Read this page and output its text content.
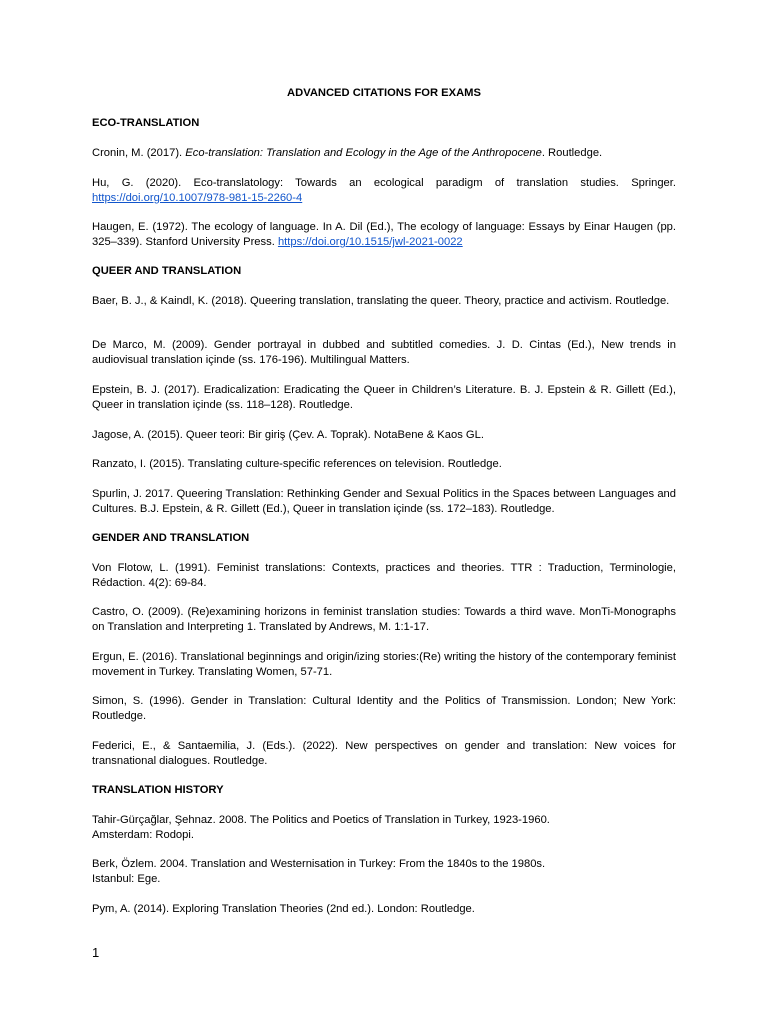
ADVANCED CITATIONS FOR EXAMS
ECO-TRANSLATION
Cronin, M. (2017). Eco-translation: Translation and Ecology in the Age of the Anthropocene. Routledge.
Hu, G. (2020). Eco-translatology: Towards an ecological paradigm of translation studies. Springer. https://doi.org/10.1007/978-981-15-2260-4
Haugen, E. (1972). The ecology of language. In A. Dil (Ed.), The ecology of language: Essays by Einar Haugen (pp. 325–339). Stanford University Press. https://doi.org/10.1515/jwl-2021-0022
QUEER AND TRANSLATION
Baer, B. J., & Kaindl, K. (2018). Queering translation, translating the queer. Theory, practice and activism. Routledge.
De Marco, M. (2009). Gender portrayal in dubbed and subtitled comedies. J. D. Cintas (Ed.), New trends in audiovisual translation içinde (ss. 176-196). Multilingual Matters.
Epstein, B. J. (2017). Eradicalization: Eradicating the Queer in Children’s Literature. B. J. Epstein & R. Gillett (Ed.), Queer in translation içinde (ss. 118–128). Routledge.
Jagose, A. (2015). Queer teori: Bir giriş (Çev. A. Toprak). NotaBene & Kaos GL.
Ranzato, I. (2015). Translating culture-specific references on television. Routledge.
Spurlin, J. 2017. Queering Translation: Rethinking Gender and Sexual Politics in the Spaces between Languages and Cultures. B.J. Epstein, & R. Gillett (Ed.), Queer in translation içinde (ss. 172–183). Routledge.
GENDER AND TRANSLATION
Von Flotow, L. (1991). Feminist translations: Contexts, practices and theories. TTR : Traduction, Terminologie, Rédaction. 4(2): 69-84.
Castro, O. (2009). (Re)examining horizons in feminist translation studies: Towards a third wave. MonTi-Monographs on Translation and Interpreting 1. Translated by Andrews, M. 1:1-17.
Ergun, E. (2016). Translational beginnings and origin/izing stories:(Re) writing the history of the contemporary feminist movement in Turkey. Translating Women, 57-71.
Simon, S. (1996). Gender in Translation: Cultural Identity and the Politics of Transmission. London; New York: Routledge.
Federici, E., & Santaemilia, J. (Eds.). (2022). New perspectives on gender and translation: New voices for transnational dialogues. Routledge.
TRANSLATION HISTORY
Tahir-Gürçağlar, Şehnaz. 2008. The Politics and Poetics of Translation in Turkey, 1923-1960.
Amsterdam: Rodopi.
Berk, Özlem. 2004. Translation and Westernisation in Turkey: From the 1840s to the 1980s.
Istanbul: Ege.
Pym, A. (2014). Exploring Translation Theories (2nd ed.). London: Routledge.
1
